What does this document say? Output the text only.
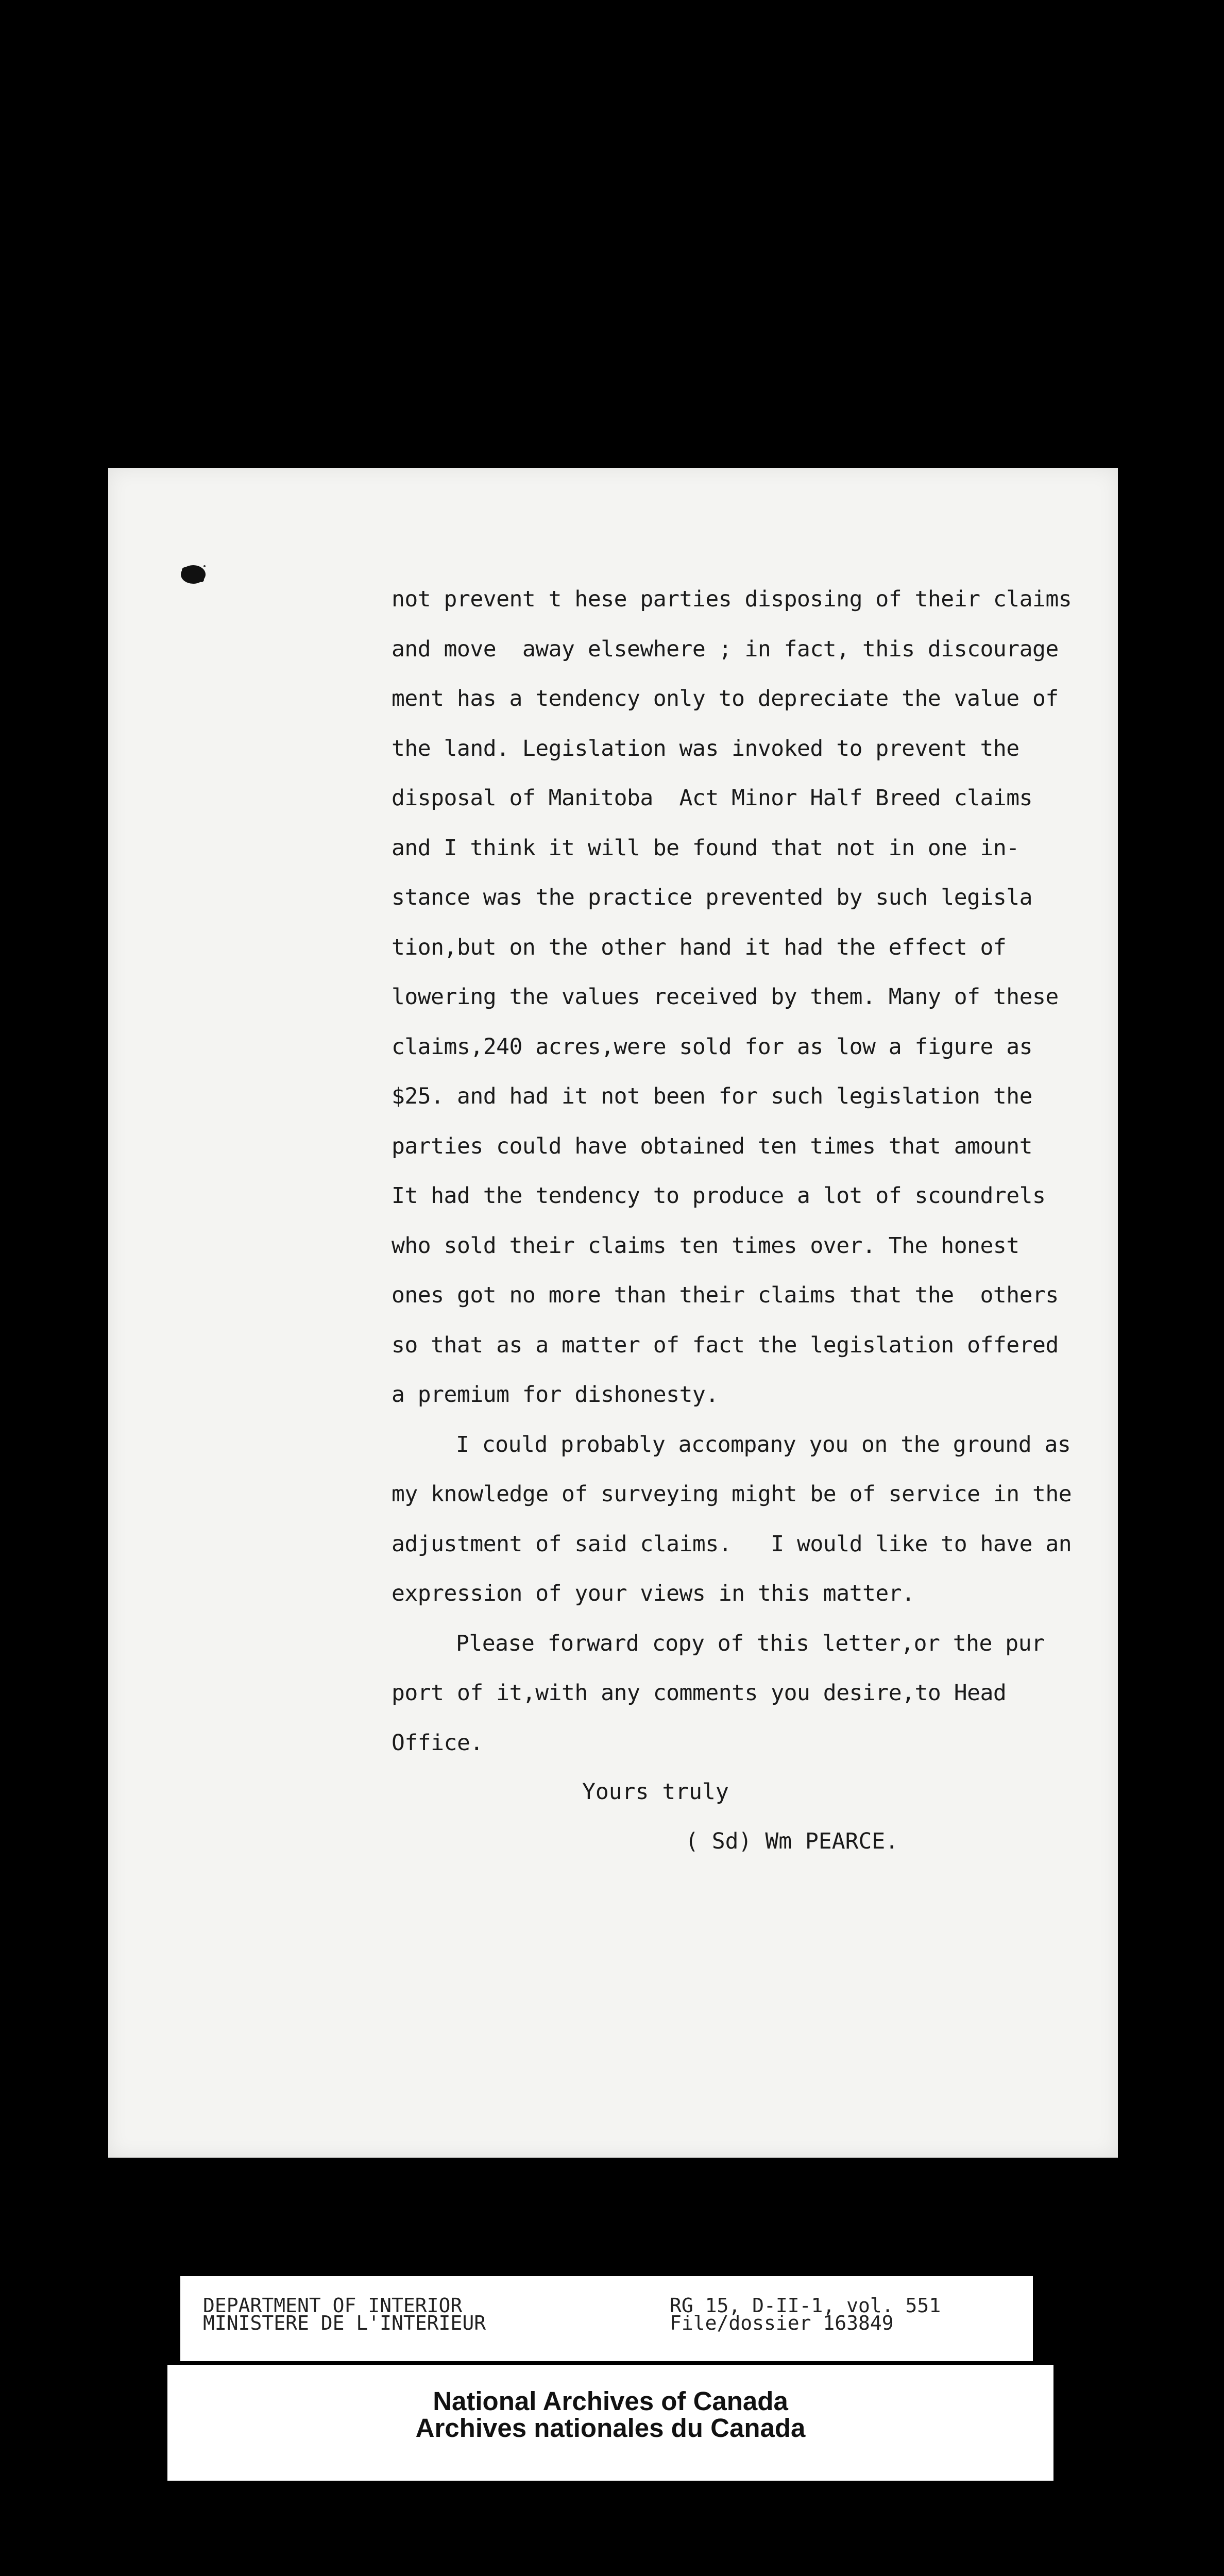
not prevent t hese parties disposing of their claims
and move  away elsewhere ; in fact, this discourage
ment has a tendency only to depreciate the value of
the land. Legislation was invoked to prevent the
disposal of Manitoba  Act Minor Half Breed claims
and I think it will be found that not in one in-
stance was the practice prevented by such legisla
tion,but on the other hand it had the effect of
lowering the values received by them. Many of these
claims,240 acres,were sold for as low a figure as
$25. and had it not been for such legislation the
parties could have obtained ten times that amount
It had the tendency to produce a lot of scoundrels
who sold their claims ten times over. The honest
ones got no more than their claims that the  others
so that as a matter of fact the legislation offered
a premium for dishonesty.
I could probably accompany you on the ground as
my knowledge of surveying might be of service in the
adjustment of said claims.   I would like to have an
expression of your views in this matter.
Please forward copy of this letter,or the pur
port of it,with any comments you desire,to Head
Office.
Yours truly
( Sd) Wm PEARCE.
DEPARTMENT OF INTERIOR
MINISTERE DE L'INTERIEUR
RG 15, D-II-1, vol. 551
File/dossier 163849
National Archives of Canada
Archives nationales du Canada
